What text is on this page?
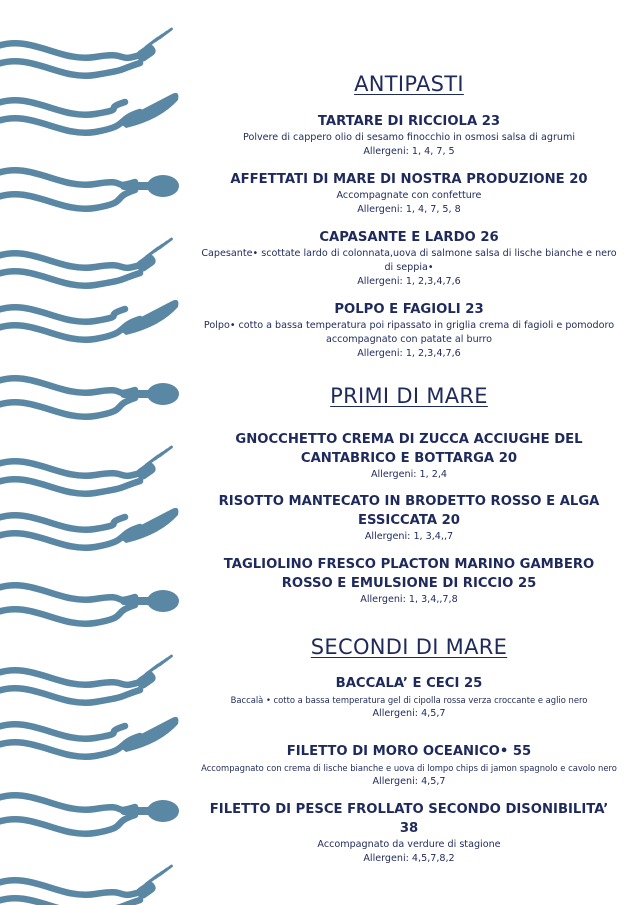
ANTIPASTI
TARTARE DI RICCIOLA 23
Polvere di cappero olio di sesamo finocchio in osmosi salsa di agrumi
Allergeni: 1, 4, 7, 5
AFFETTATI DI MARE DI NOSTRA PRODUZIONE 20
Accompagnate con confetture
Allergeni: 1, 4, 7, 5, 8
CAPASANTE E LARDO 26
Capesante• scottate lardo di colonnata,uova di salmone salsa di lische bianche e nero di seppia•
Allergeni: 1, 2,3,4,7,6
POLPO E FAGIOLI 23
Polpo• cotto a bassa temperatura poi ripassato in griglia crema di fagioli e pomodoro accompagnato con patate al burro
Allergeni: 1, 2,3,4,7,6
PRIMI DI MARE
GNOCCHETTO CREMA DI ZUCCA ACCIUGHE DEL CANTABRICO E BOTTARGA 20
Allergeni: 1, 2,4
RISOTTO MANTECATO IN BRODETTO ROSSO E ALGA ESSICCATA 20
Allergeni: 1, 3,4,,7
TAGLIOLINO FRESCO PLACTON MARINO GAMBERO ROSSO E EMULSIONE DI RICCIO 25
Allergeni: 1, 3,4,,7,8
SECONDI DI MARE
BACCALA’ E CECI 25
Baccalà • cotto a bassa temperatura gel di cipolla rossa verza croccante e aglio nero
Allergeni: 4,5,7
FILETTO DI MORO OCEANICO• 55
Accompagnato con crema di lische bianche e uova di lompo chips di jamon spagnolo e cavolo nero
Allergeni: 4,5,7
FILETTO DI PESCE FROLLATO SECONDO DISONIBILITA’ 38
Accompagnato da verdure di stagione
Allergeni: 4,5,7,8,2
